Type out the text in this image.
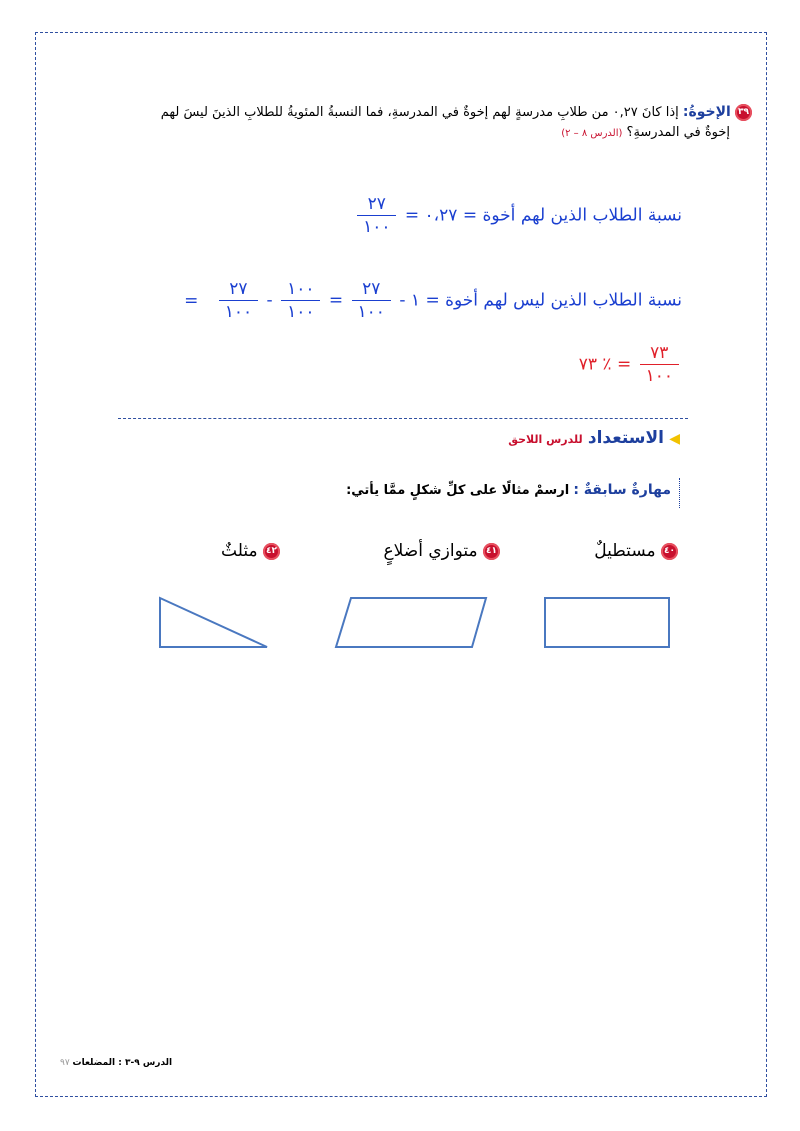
٣٩ الإخوةُ: إذا كانَ ٠,٢٧ من طلابِ مدرسةٍ لهم إخوةٌ في المدرسةِ، فما النسبةُ المئويةُ للطلابِ الذينَ ليسَ لهم
إخوةٌ في المدرسةِ؟ (الدرس ٨ – ٢)
نسبة الطلاب الذين لهم أخوة = ٠،٢٧ =
$\frac{٢٧}{١٠٠}$
نسبة الطلاب الذين ليس لهم أخوة = ١ -
$\frac{٢٧}{١٠٠}$
=
$\frac{١٠٠}{١٠٠}$
-
$\frac{٢٧}{١٠٠}$
=
$\frac{٧٣}{١٠٠}$
= ٪ ٧٣
◀ الاستعداد للدرس اللاحق
مهارةٌ سابقةٌ : ارسمْ مثالًا على كلِّ شكلٍ ممَّا يأتي:
٤٠ مستطيلٌ
٤١ متوازي أضلاعٍ
٤٢ مثلثٌ
الدرس ٩-٣ : المضلعات ٩٧
